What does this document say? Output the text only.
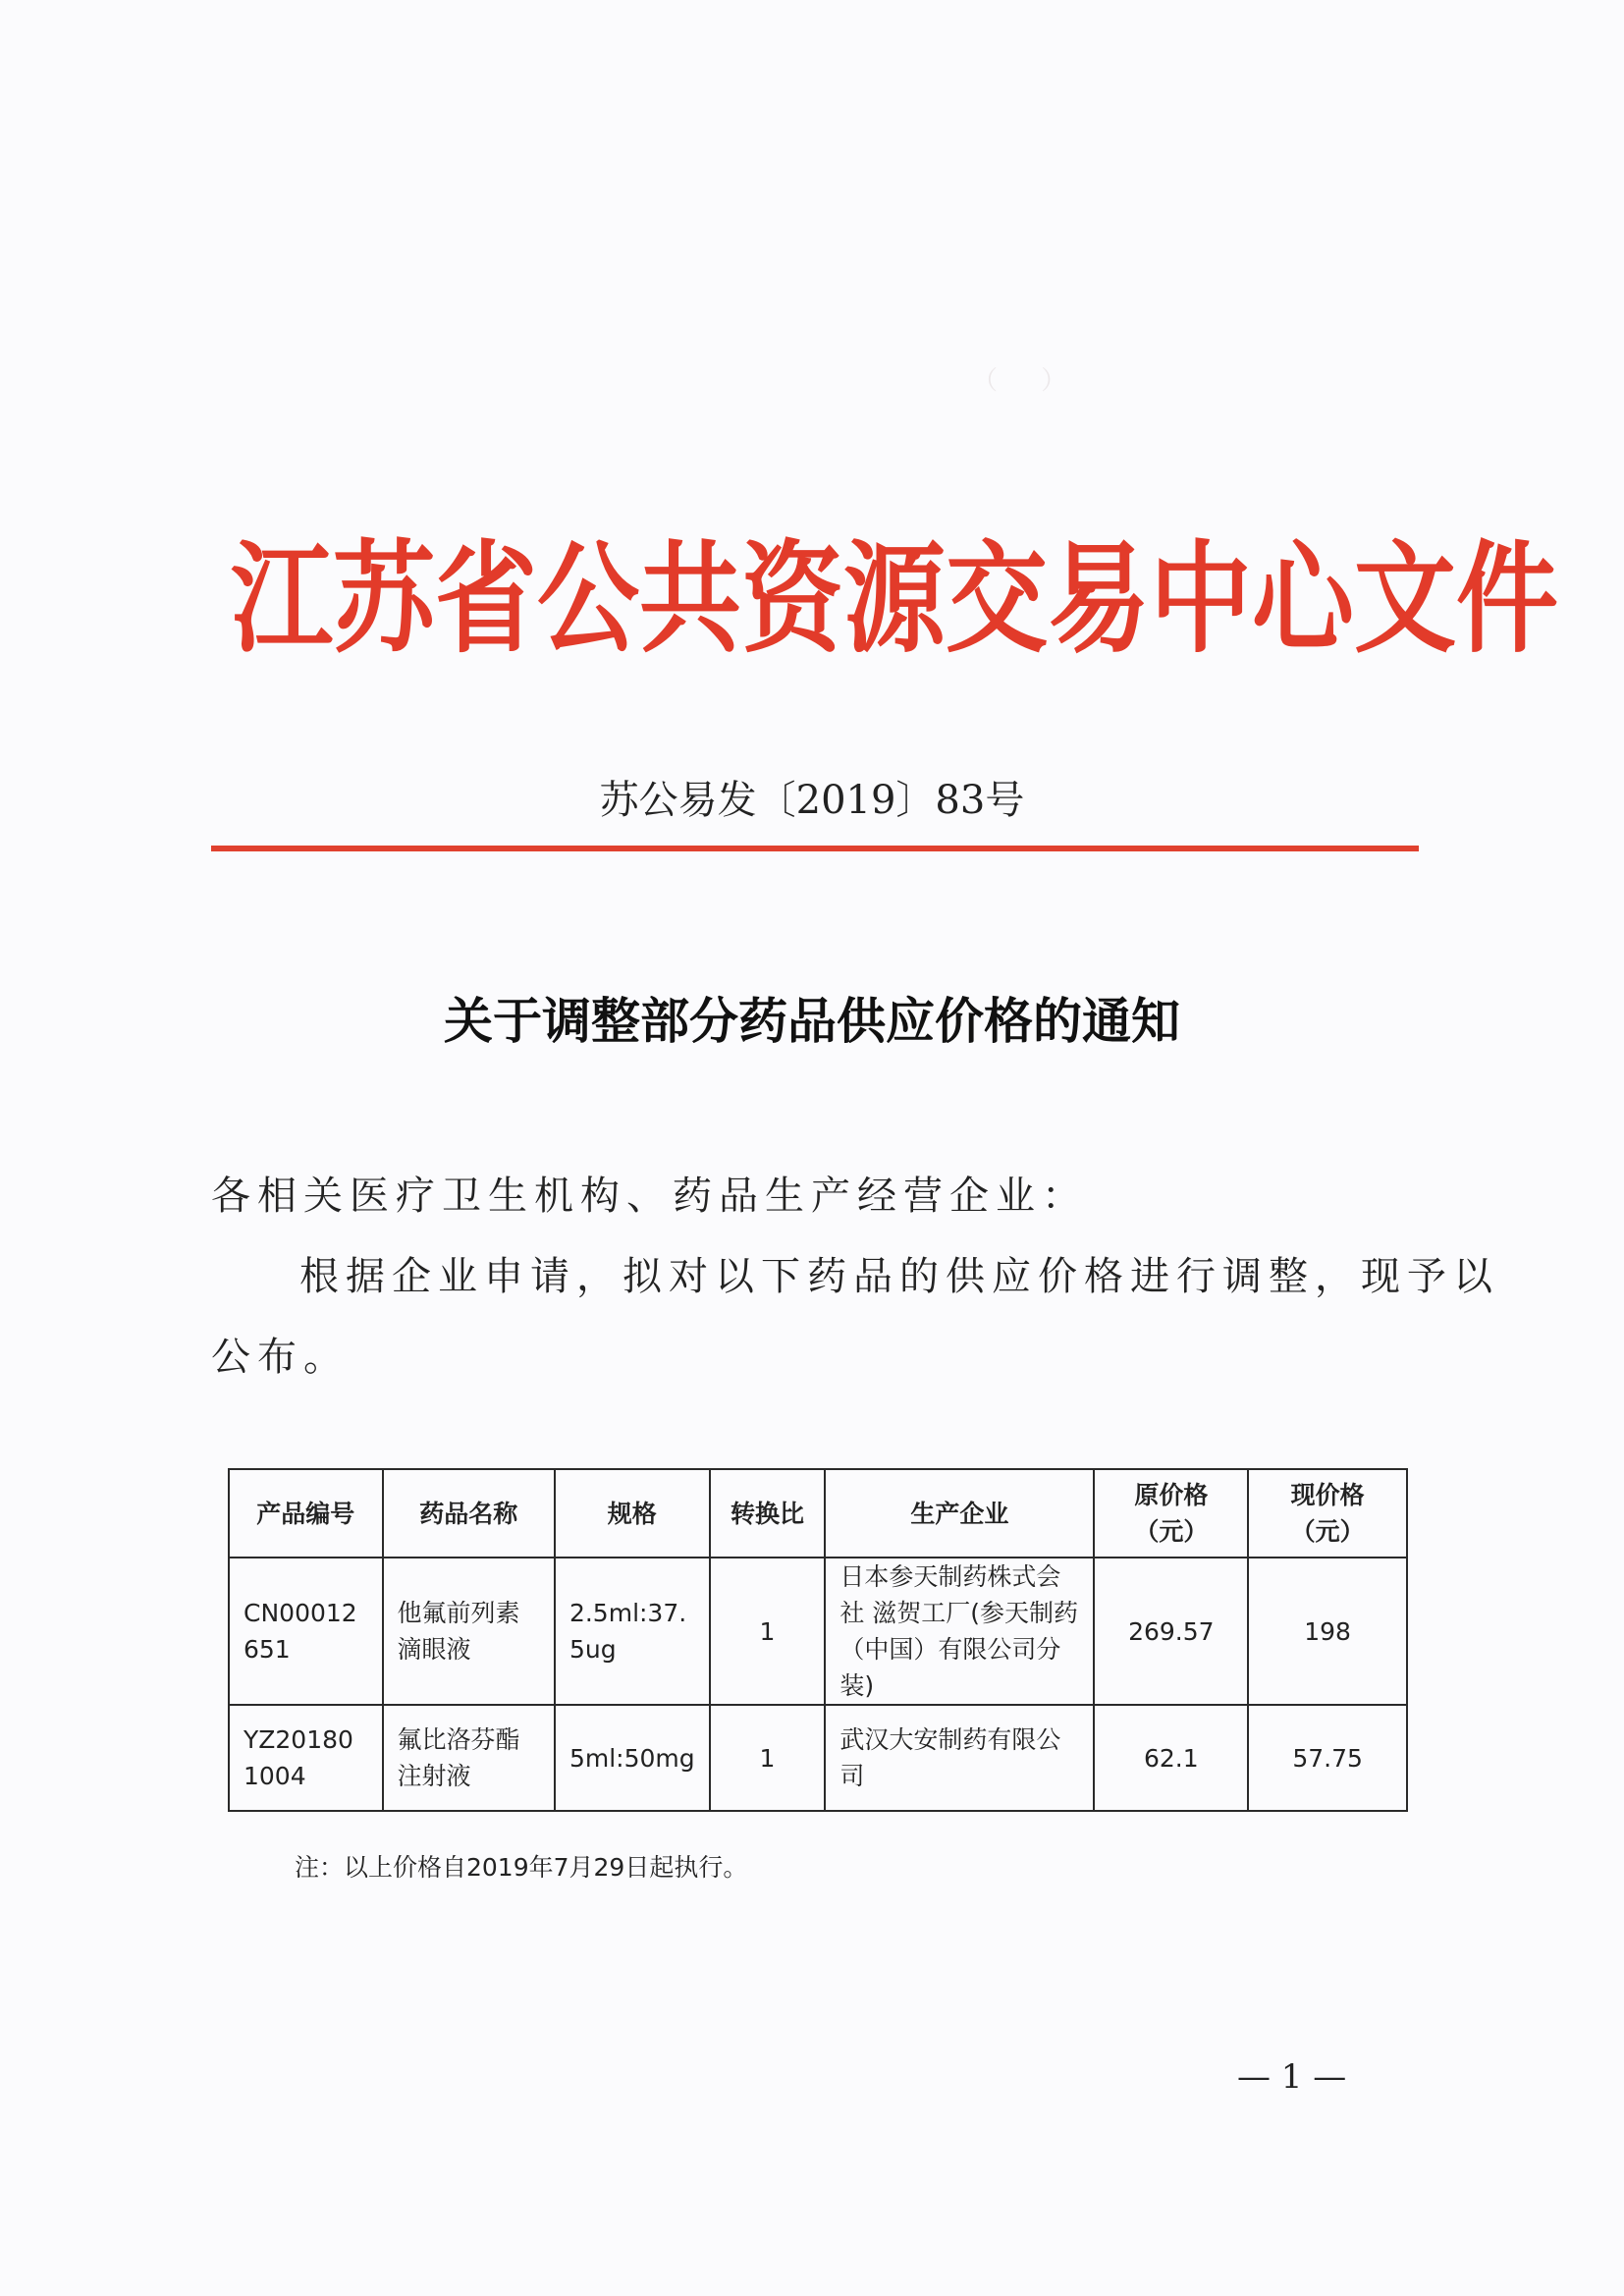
（ ）
江苏省公共资源交易中心文件
苏公易发〔2019〕83号
关于调整部分药品供应价格的通知
各相关医疗卫生机构、药品生产经营企业：
根据企业申请，拟对以下药品的供应价格进行调整，现予以
公布。
产品编号	药品名称	规格	转换比	生产企业	原价格（元）	现价格（元）
CN00012651	他氟前列素滴眼液	2.5ml:37.5ug	1	日本参天制药株式会社 滋贺工厂(参天制药（中国）有限公司分装)	269.57	198
YZ201801004	氟比洛芬酯注射液	5ml:50mg	1	武汉大安制药有限公司	62.1	57.75
注：以上价格自2019年7月29日起执行。
— 1 —
